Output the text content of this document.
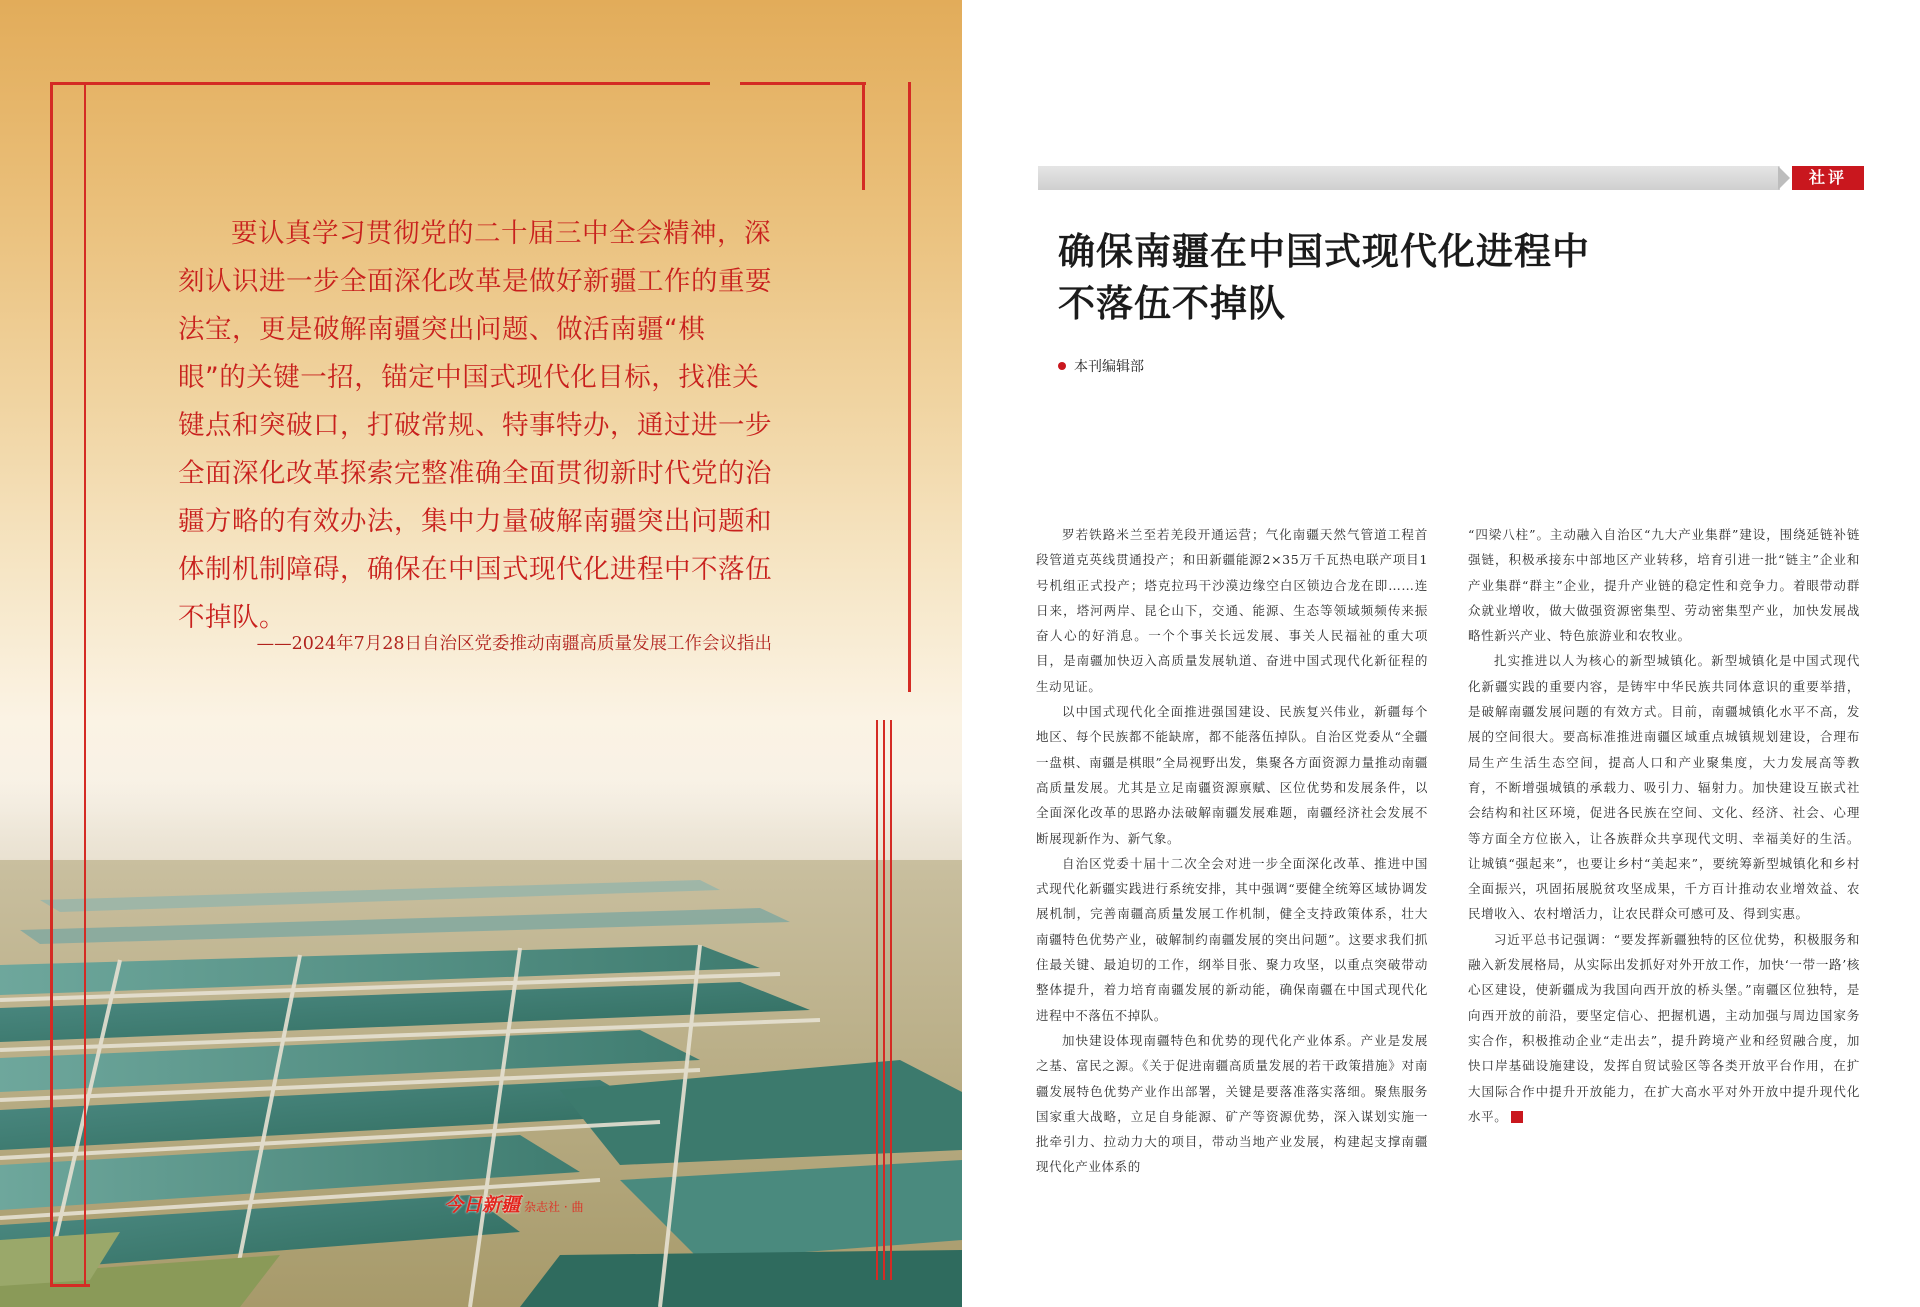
要认真学习贯彻党的二十届三中全会精神，深刻认识进一步全面深化改革是做好新疆工作的重要法宝，更是破解南疆突出问题、做活南疆“棋眼”的关键一招，锚定中国式现代化目标，找准关键点和突破口，打破常规、特事特办，通过进一步全面深化改革探索完整准确全面贯彻新时代党的治疆方略的有效办法，集中力量破解南疆突出问题和体制机制障碍，确保在中国式现代化进程中不落伍不掉队。

——2024年7月28日自治区党委推动南疆高质量发展工作会议指出
今日新疆 杂志社 · 曲
社评
确保南疆在中国式现代化进程中
不落伍不掉队
本刊编辑部

罗若铁路米兰至若羌段开通运营；气化南疆天然气管道工程首段管道克英线贯通投产；和田新疆能源2×35万千瓦热电联产项目1号机组正式投产；塔克拉玛干沙漠边缘空白区锁边合龙在即……连日来，塔河两岸、昆仑山下，交通、能源、生态等领域频频传来振奋人心的好消息。一个个事关长远发展、事关人民福祉的重大项目，是南疆加快迈入高质量发展轨道、奋进中国式现代化新征程的生动见证。

以中国式现代化全面推进强国建设、民族复兴伟业，新疆每个地区、每个民族都不能缺席，都不能落伍掉队。自治区党委从“全疆一盘棋、南疆是棋眼”全局视野出发，集聚各方面资源力量推动南疆高质量发展。尤其是立足南疆资源禀赋、区位优势和发展条件，以全面深化改革的思路办法破解南疆发展难题，南疆经济社会发展不断展现新作为、新气象。

自治区党委十届十二次全会对进一步全面深化改革、推进中国式现代化新疆实践进行系统安排，其中强调“要健全统筹区域协调发展机制，完善南疆高质量发展工作机制，健全支持政策体系，壮大南疆特色优势产业，破解制约南疆发展的突出问题”。这要求我们抓住最关键、最迫切的工作，纲举目张、聚力攻坚，以重点突破带动整体提升，着力培育南疆发展的新动能，确保南疆在中国式现代化进程中不落伍不掉队。

加快建设体现南疆特色和优势的现代化产业体系。产业是发展之基、富民之源。《关于促进南疆高质量发展的若干政策措施》对南疆发展特色优势产业作出部署，关键是要落准落实落细。聚焦服务国家重大战略，立足自身能源、矿产等资源优势，深入谋划实施一批牵引力、拉动力大的项目，带动当地产业发展，构建起支撑南疆现代化产业体系的

“四梁八柱”。主动融入自治区“九大产业集群”建设，围绕延链补链强链，积极承接东中部地区产业转移，培育引进一批“链主”企业和产业集群“群主”企业，提升产业链的稳定性和竞争力。着眼带动群众就业增收，做大做强资源密集型、劳动密集型产业，加快发展战略性新兴产业、特色旅游业和农牧业。

扎实推进以人为核心的新型城镇化。新型城镇化是中国式现代化新疆实践的重要内容，是铸牢中华民族共同体意识的重要举措，是破解南疆发展问题的有效方式。目前，南疆城镇化水平不高，发展的空间很大。要高标准推进南疆区域重点城镇规划建设，合理布局生产生活生态空间，提高人口和产业聚集度，大力发展高等教育，不断增强城镇的承载力、吸引力、辐射力。加快建设互嵌式社会结构和社区环境，促进各民族在空间、文化、经济、社会、心理等方面全方位嵌入，让各族群众共享现代文明、幸福美好的生活。让城镇“强起来”，也要让乡村“美起来”，要统筹新型城镇化和乡村全面振兴，巩固拓展脱贫攻坚成果，千方百计推动农业增效益、农民增收入、农村增活力，让农民群众可感可及、得到实惠。

习近平总书记强调：“要发挥新疆独特的区位优势，积极服务和融入新发展格局，从实际出发抓好对外开放工作，加快‘一带一路’核心区建设，使新疆成为我国向西开放的桥头堡。”南疆区位独特，是向西开放的前沿，要坚定信心、把握机遇，主动加强与周边国家务实合作，积极推动企业“走出去”，提升跨境产业和经贸融合度，加快口岸基础设施建设，发挥自贸试验区等各类开放平台作用，在扩大国际合作中提升开放能力，在扩大高水平对外开放中提升现代化水平。
